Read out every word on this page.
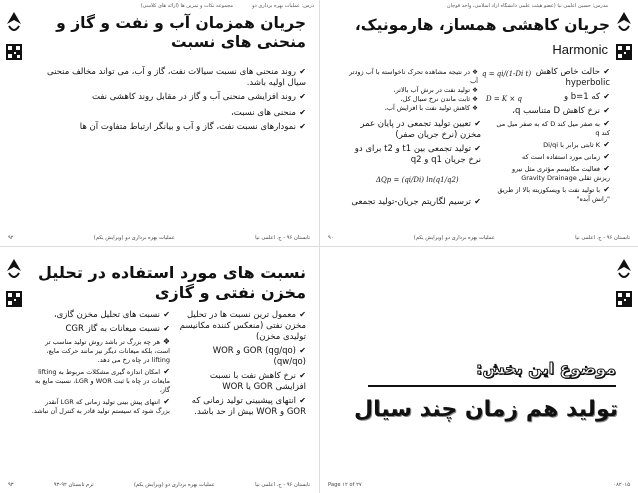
درس: عملیات بهره برداری دو            مجموعه نکات و تمرین ها (ارائه های کلاسی)
جریان همزمان آب و نفت و گاز و منحنی های نسبت
✔روند منحنی های نسبت سیالات نفت، گاز و آب، می تواند مخالف منحنی سیال اولیه باشد.
✔روند افزایشی منحنی آب و گاز در مقابل روند کاهشی نفت
✔منحنی های نسبت،
✔نمودارهای نسبت نفت، گاز و آب و بیانگر ارتباط متفاوت آن ها
تابستان ۹۶ - ح. اعلمی نیا
عملیات بهره برداری دو (ویرایش یکم)
۹۲
مدرس: حسین اعلمی نیا (عضو هیئت علمی دانشگاه آزاد اسلامی، واحد قوچان
جریان کاهشی همساز، هارمونیک،
Harmonic
✔حالت خاص کاهش hyperbolic
✔که b=1 و
✔نرخ کاهش D متناسب q،
✔به صفر میل کند D که به صفر میل می کند q
✔K ثابتی برابر با Di/qi
✔زمانی مورد استفاده است که
✔فعالیت مکانیسم مؤثری مثل نیرو ریزش ثقلی Gravity Drainage
✔با تولید نفت با ویسکوزیته بالا از طریق "رانش آبده"
q = qi/(1-Di t)
D = K × q
❖ در نتیجه مشاهده تحرک ناخواسته با آب زودتر آب
❖ تولید نفت در برش آب بالاتر،
❖ ثابت ماندن نرخ سیال کل،
❖ کاهش تولید نفت با افزایش آب،
✔تعیین تولید تجمعی در پایان عمر مخزن (نرخ جریان صفر)
✔تولید تجمعی بین t1 و t2 برای دو نرخ جریان q1 و q2
ΔQp = (qi/Di) ln(q1/q2)
✔ترسیم لگاریتم جریان-تولید تجمعی
تابستان ۹۶ - ح. اعلمی نیا
عملیات بهره برداری دو (ویرایش یکم)
۹۰
نسبت های مورد استفاده در تحلیل مخزن نفتی و گازی
✔معمول ترین نسبت ها در تحلیل مخزن نفتی (منعکس کننده مکانیسم تولیدی مخزن)
✔GOR (qg/qo) و WOR (qw/qo)
✔نرخ کاهش نفت با نسبت افزایشی GOR یا WOR
✔انتهای پیشبینی تولید زمانی که GOR و WOR بیش از حد باشد.
✔نسبت های تحلیل مخزن گازی،
✔نسبت میعانات به گاز CGR
❖هر چه بزرگ تر باشد روش تولید مناسب تر است، بلکه میعانات دیگر نیز مانند حرکت مایع، lifting در چاه رخ می دهد.
✔امکان اندازه گیری مشکلات مربوط به lifting مایعات در چاه با ثبت WOR و LGR، نسبت مایع به گاز،
✔انتهای پیش بینی تولید زمانی که LGR آنقدر بزرگ شود که سیستم تولید قادر به کنترل آن نباشد.
تابستان ۹۶ - ح. اعلمی نیا
عملیات بهره برداری دو (ویرایش یکم)
ترم تابستان ۹۲-۹۳
۹۳
موضوع این بخش:
تولید هم زمان چند سیال
Page ۱۲ of ۲۷	۰۸۲۰۱۵
